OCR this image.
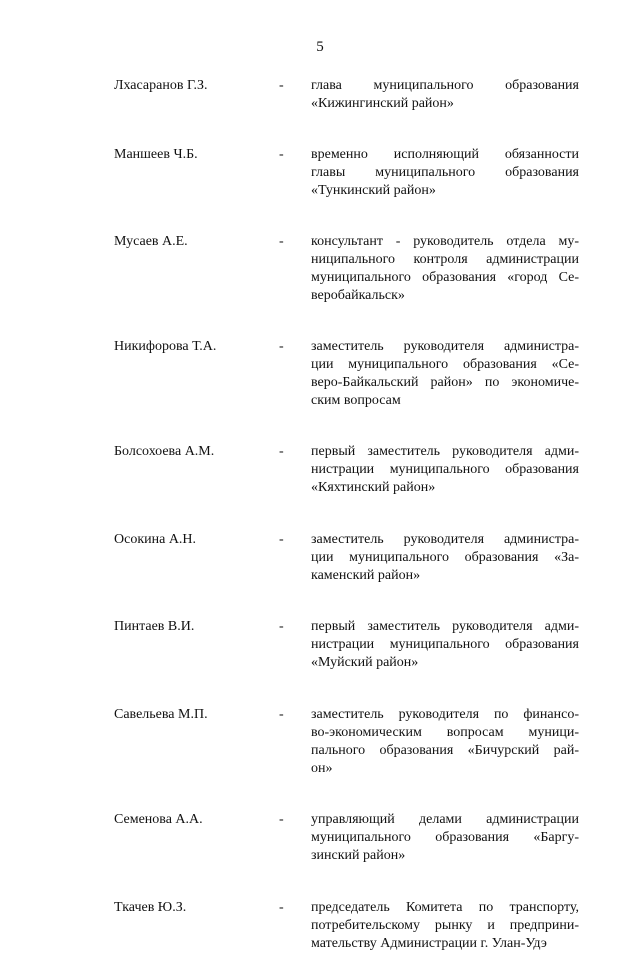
5
Лхасаранов Г.З.	-	глава муниципального образования
«Кижингинский район»
Маншеев Ч.Б.	-	временно исполняющий обязанности
главы муниципального образования
«Тункинский район»
Мусаев А.Е.	-	консультант - руководитель отдела му-
ниципального контроля администрации
муниципального образования «город Се-
веробайкальск»
Никифорова Т.А.	-	заместитель руководителя администра-
ции муниципального образования «Се-
веро-Байкальский район» по экономиче-
ским вопросам
Болсохоева А.М.	-	первый заместитель руководителя адми-
нистрации муниципального образования
«Кяхтинский район»
Осокина А.Н.	-	заместитель руководителя администра-
ции муниципального образования «За-
каменский район»
Пинтаев В.И.	-	первый заместитель руководителя адми-
нистрации муниципального образования
«Муйский район»
Савельева М.П.	-	заместитель руководителя по финансо-
во-экономическим вопросам муници-
пального образования «Бичурский рай-
он»
Семенова А.А.	-	управляющий делами администрации
муниципального образования «Баргу-
зинский район»
Ткачев Ю.З.	-	председатель Комитета по транспорту,
потребительскому рынку и предприни-
мательству Администрации г. Улан-Удэ
